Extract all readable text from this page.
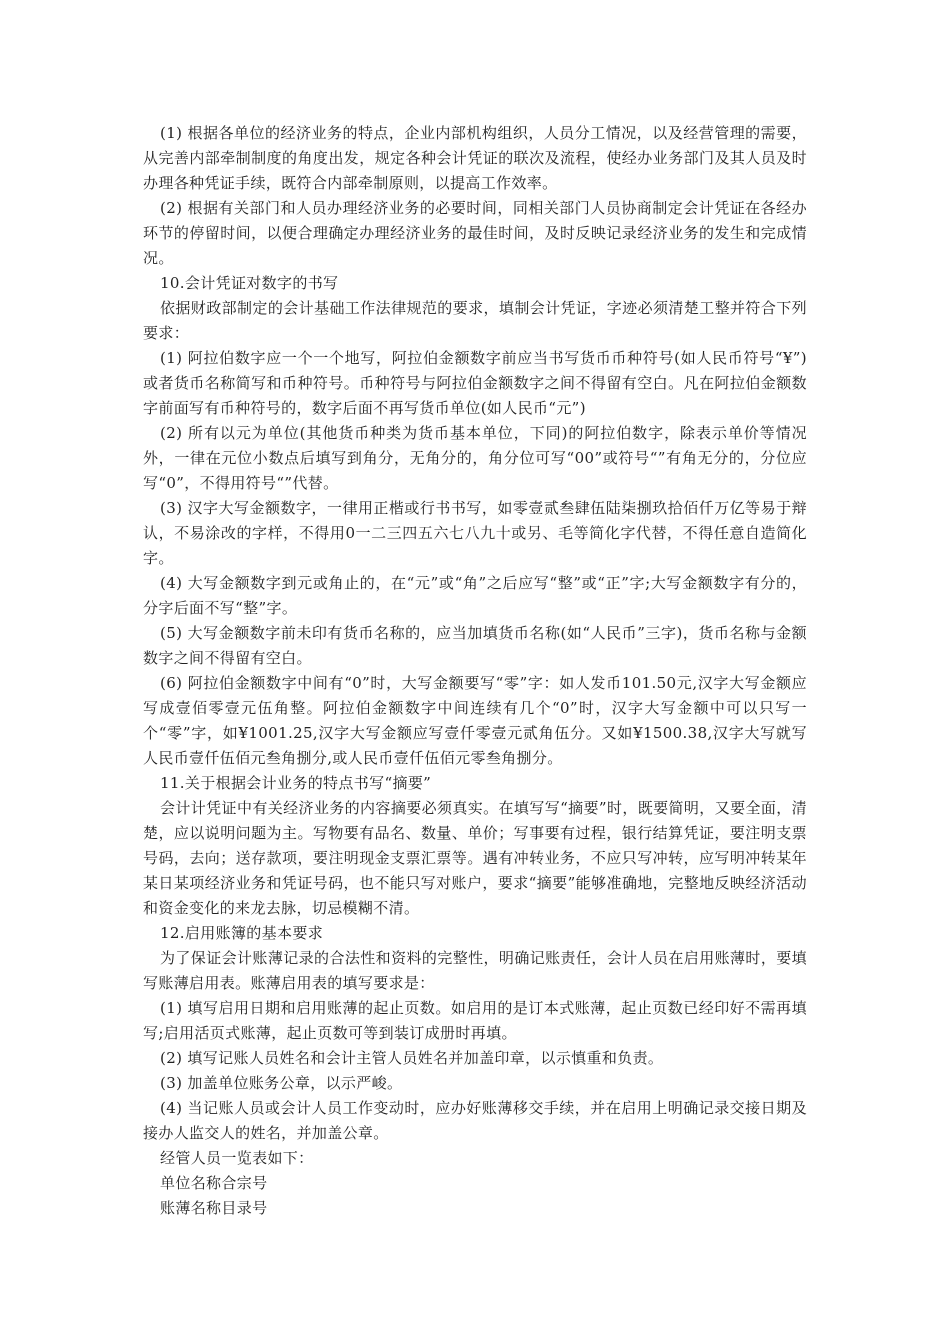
(1) 根据各单位的经济业务的特点，企业内部机构组织，人员分工情况，以及经营管理的需要，从完善内部牵制制度的角度出发，规定各种会计凭证的联次及流程，使经办业务部门及其人员及时办理各种凭证手续，既符合内部牵制原则，以提高工作效率。

(2) 根据有关部门和人员办理经济业务的必要时间，同相关部门人员协商制定会计凭证在各经办环节的停留时间，以便合理确定办理经济业务的最佳时间，及时反映记录经济业务的发生和完成情况。

10.会计凭证对数字的书写

依据财政部制定的会计基础工作法律规范的要求，填制会计凭证，字迹必须清楚工整并符合下列要求：

(1) 阿拉伯数字应一个一个地写，阿拉伯金额数字前应当书写货币币种符号(如人民币符号“¥”)或者货币名称简写和币种符号。币种符号与阿拉伯金额数字之间不得留有空白。凡在阿拉伯金额数字前面写有币种符号的，数字后面不再写货币单位(如人民币“元”)

(2) 所有以元为单位(其他货币种类为货币基本单位，下同)的阿拉伯数字，除表示单价等情况外，一律在元位小数点后填写到角分，无角分的，角分位可写“00”或符号“”有角无分的，分位应写“0”，不得用符号“”代替。

(3) 汉字大写金额数字，一律用正楷或行书书写，如零壹贰叁肆伍陆柒捌玖拾佰仟万亿等易于辩认，不易涂改的字样，不得用0一二三四五六七八九十或另、毛等简化字代替，不得任意自造简化字。

(4) 大写金额数字到元或角止的，在“元”或“角”之后应写“整”或“正”字;大写金额数字有分的，分字后面不写“整”字。

(5) 大写金额数字前未印有货币名称的，应当加填货币名称(如“人民币”三字)，货币名称与金额数字之间不得留有空白。

(6) 阿拉伯金额数字中间有“0”时，大写金额要写“零”字：如人发币101.50元,汉字大写金额应写成壹佰零壹元伍角整。阿拉伯金额数字中间连续有几个“0”时，汉字大写金额中可以只写一个“零”字，如¥1001.25,汉字大写金额应写壹仟零壹元贰角伍分。又如¥1500.38,汉字大写就写人民币壹仟伍佰元叁角捌分,或人民币壹仟伍佰元零叁角捌分。

11.关于根据会计业务的特点书写“摘要”

会计计凭证中有关经济业务的内容摘要必须真实。在填写写“摘要”时，既要简明，又要全面，清楚，应以说明问题为主。写物要有品名、数量、单价；写事要有过程，银行结算凭证，要注明支票号码，去向；送存款项，要注明现金支票汇票等。遇有冲转业务，不应只写冲转，应写明冲转某年某日某项经济业务和凭证号码，也不能只写对账户，要求“摘要”能够准确地，完整地反映经济活动和资金变化的来龙去脉，切忌模糊不清。

12.启用账簿的基本要求

为了保证会计账薄记录的合法性和资料的完整性，明确记账责任，会计人员在启用账薄时，要填写账薄启用表。账薄启用表的填写要求是：

(1) 填写启用日期和启用账薄的起止页数。如启用的是订本式账薄，起止页数已经印好不需再填写;启用活页式账薄，起止页数可等到装订成册时再填。

(2) 填写记账人员姓名和会计主管人员姓名并加盖印章，以示慎重和负责。

(3) 加盖单位账务公章，以示严峻。

(4) 当记账人员或会计人员工作变动时，应办好账薄移交手续，并在启用上明确记录交接日期及接办人监交人的姓名，并加盖公章。

经管人员一览表如下：

单位名称合宗号

账薄名称目录号
